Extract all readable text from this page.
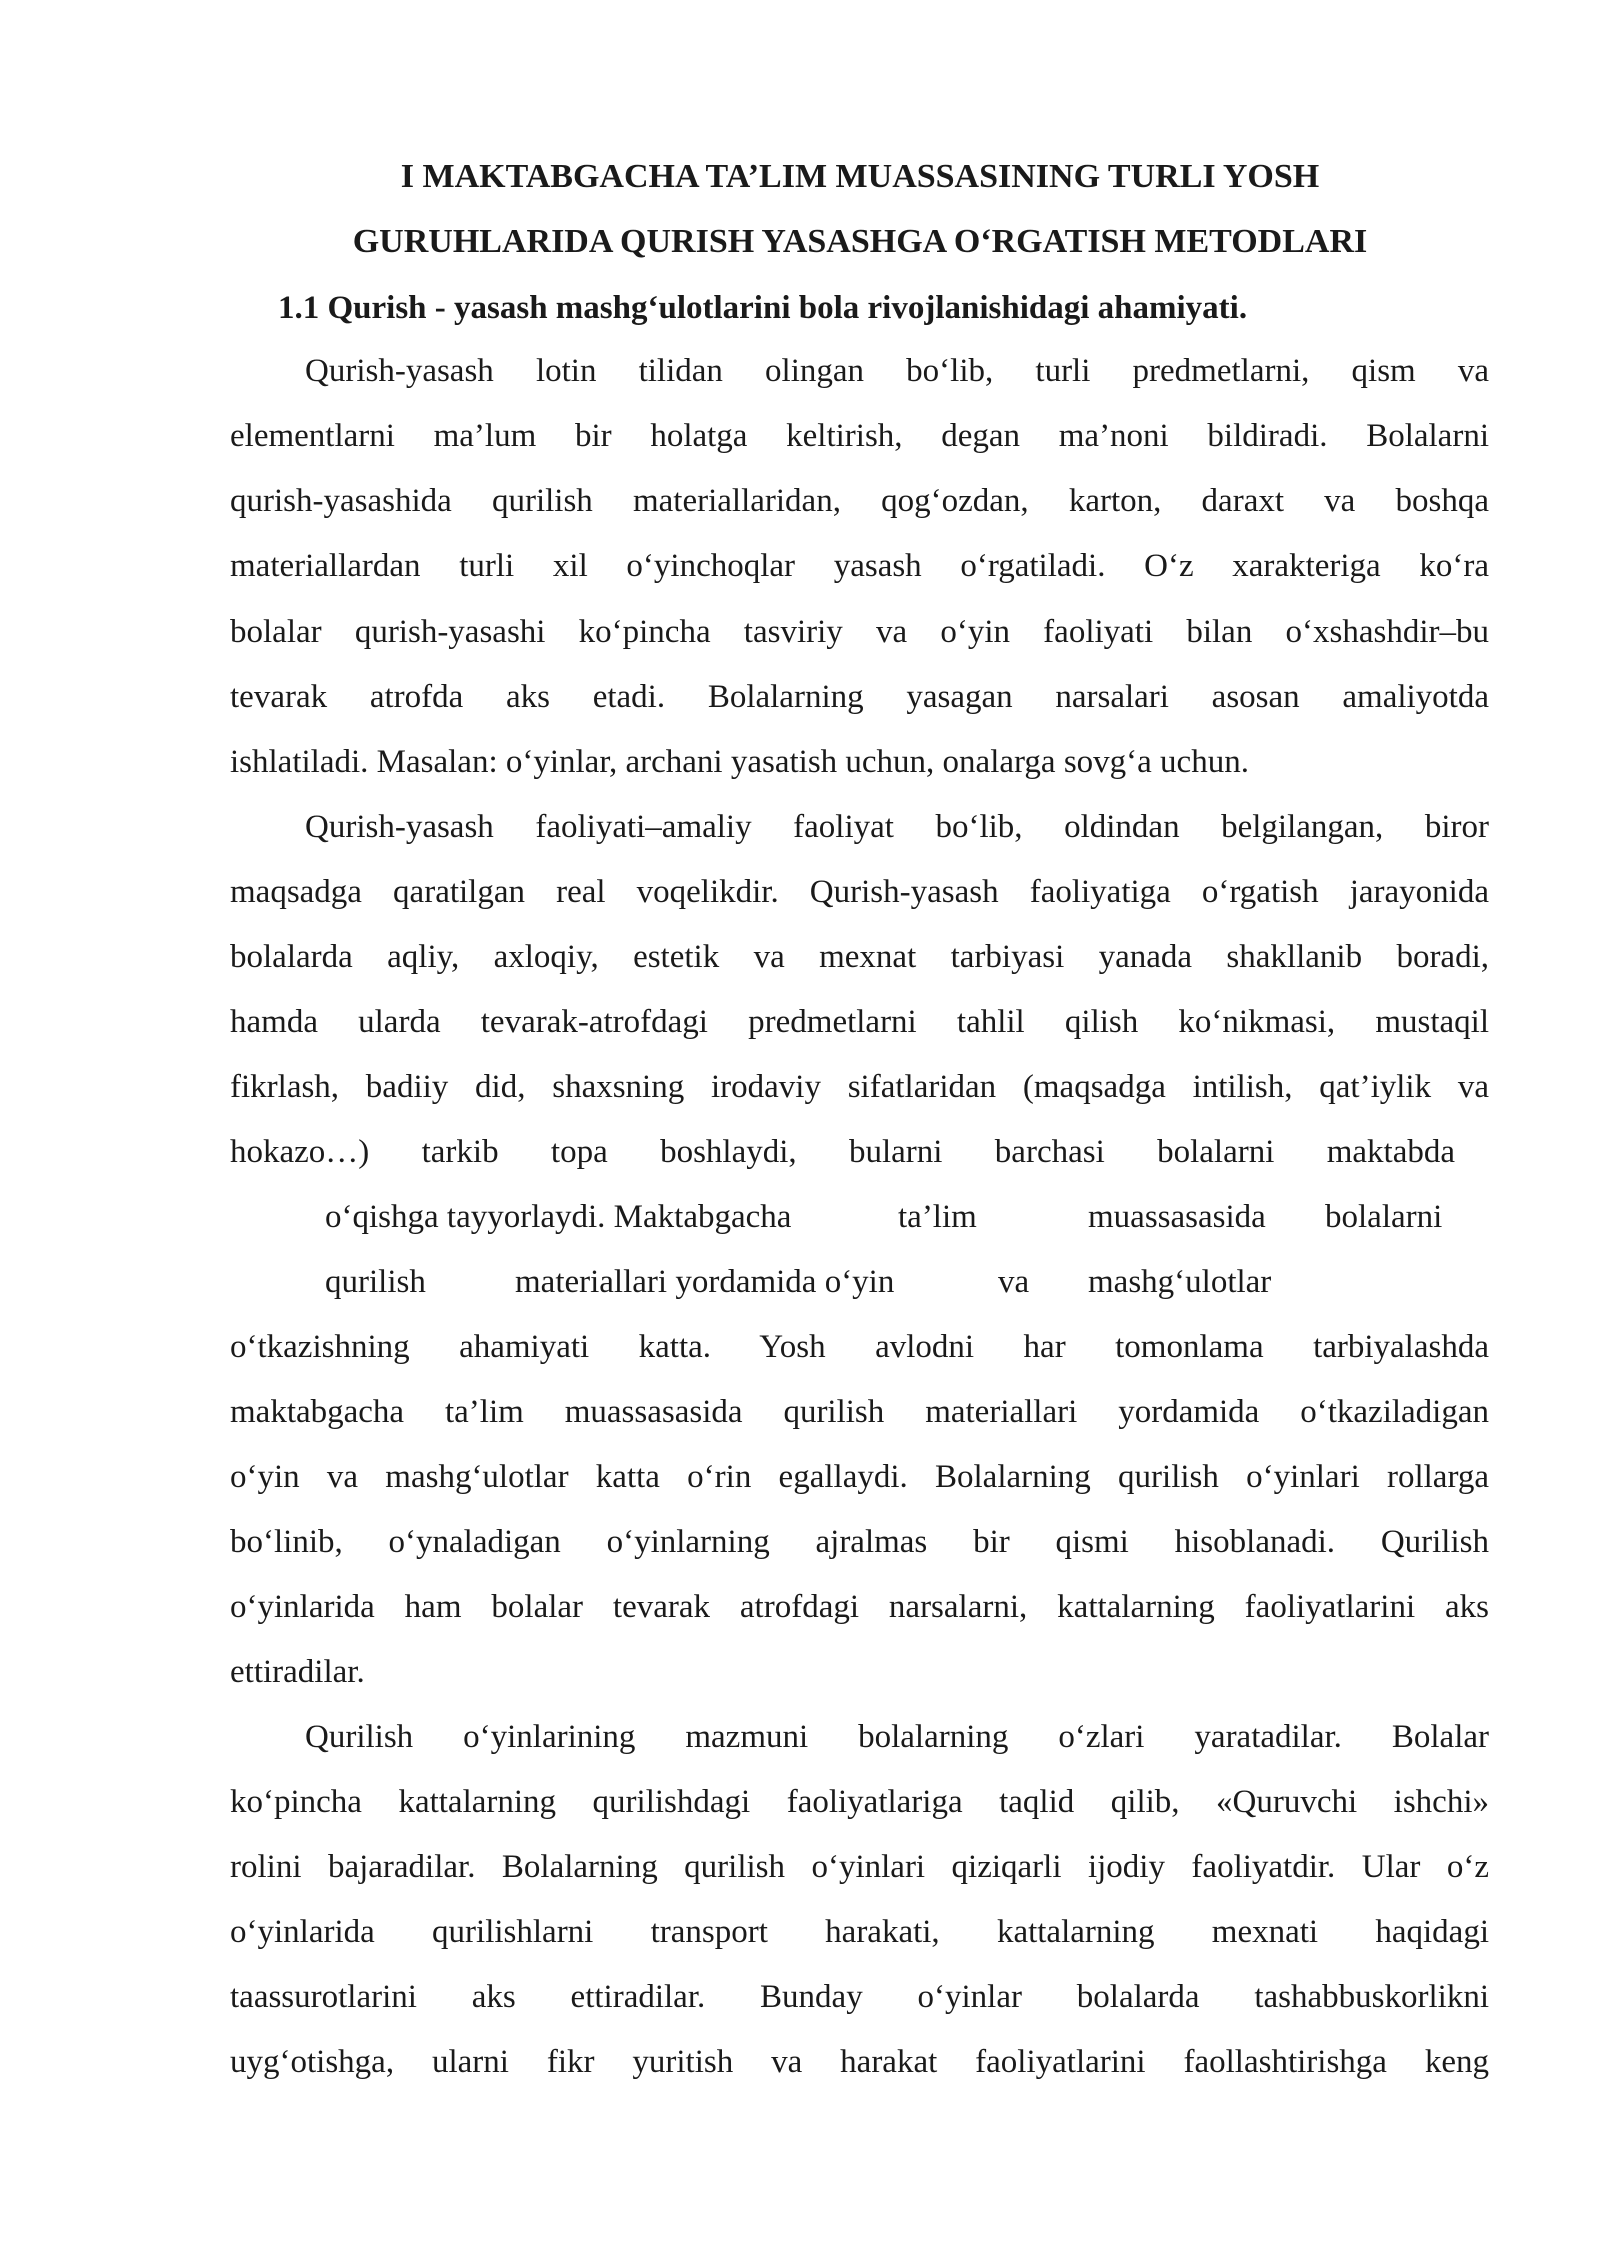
I MAKTABGACHA TA’LIM MUASSASINING TURLI YOSH
GURUHLARIDA QURISH YASASHGA O‘RGATISH METODLARI
1.1 Qurish - yasash mashg‘ulotlarini bola rivojlanishidagi ahamiyati.
Qurish-yasash lotin tilidan olingan bo‘lib, turli predmetlarni, qism va
elementlarni ma’lum bir holatga keltirish, degan ma’noni bildiradi. Bolalarni
qurish-yasashida qurilish materiallaridan, qog‘ozdan, karton, daraxt va boshqa
materiallardan turli xil o‘yinchoqlar yasash o‘rgatiladi. O‘z xarakteriga ko‘ra
bolalar qurish-yasashi ko‘pincha tasviriy va o‘yin faoliyati bilan o‘xshashdir–bu
tevarak atrofda aks etadi. Bolalarning yasagan narsalari asosan amaliyotda
ishlatiladi. Masalan: o‘yinlar, archani yasatish uchun, onalarga sovg‘a uchun.
Qurish-yasash faoliyati–amaliy faoliyat bo‘lib, oldindan belgilangan, biror
maqsadga qaratilgan real voqelikdir. Qurish-yasash faoliyatiga o‘rgatish jarayonida
bolalarda aqliy, axloqiy, estetik va mexnat tarbiyasi yanada shakllanib boradi,
hamda ularda tevarak-atrofdagi predmetlarni tahlil qilish ko‘nikmasi, mustaqil
fikrlash, badiiy did, shaxsning irodaviy sifatlaridan (maqsadga intilish, qat’iylik va
hokazo…) tarkib topa boshlaydi, bularni barchasi bolalarni maktabda
o‘qishga tayyorlaydi. Maktabgacha	ta’lim	muassasasida bolalarni
qurilish	materiallari yordamida o‘yin	va mashg‘ulotlar
o‘tkazishning ahamiyati katta. Yosh avlodni har tomonlama tarbiyalashda
maktabgacha ta’lim muassasasida qurilish materiallari yordamida o‘tkaziladigan
o‘yin va mashg‘ulotlar katta o‘rin egallaydi. Bolalarning qurilish o‘yinlari rollarga
bo‘linib, o‘ynaladigan o‘yinlarning ajralmas bir qismi hisoblanadi. Qurilish
o‘yinlarida ham bolalar tevarak atrofdagi narsalarni, kattalarning faoliyatlarini aks
ettiradilar.
Qurilish o‘yinlarining mazmuni bolalarning o‘zlari yaratadilar. Bolalar
ko‘pincha kattalarning qurilishdagi faoliyatlariga taqlid qilib, «Quruvchi ishchi»
rolini bajaradilar. Bolalarning qurilish o‘yinlari qiziqarli ijodiy faoliyatdir. Ular o‘z
o‘yinlarida qurilishlarni transport harakati, kattalarning mexnati haqidagi
taassurotlarini aks ettiradilar. Bunday o‘yinlar bolalarda tashabbuskorlikni
uyg‘otishga, ularni fikr yuritish va harakat faoliyatlarini faollashtirishga keng
